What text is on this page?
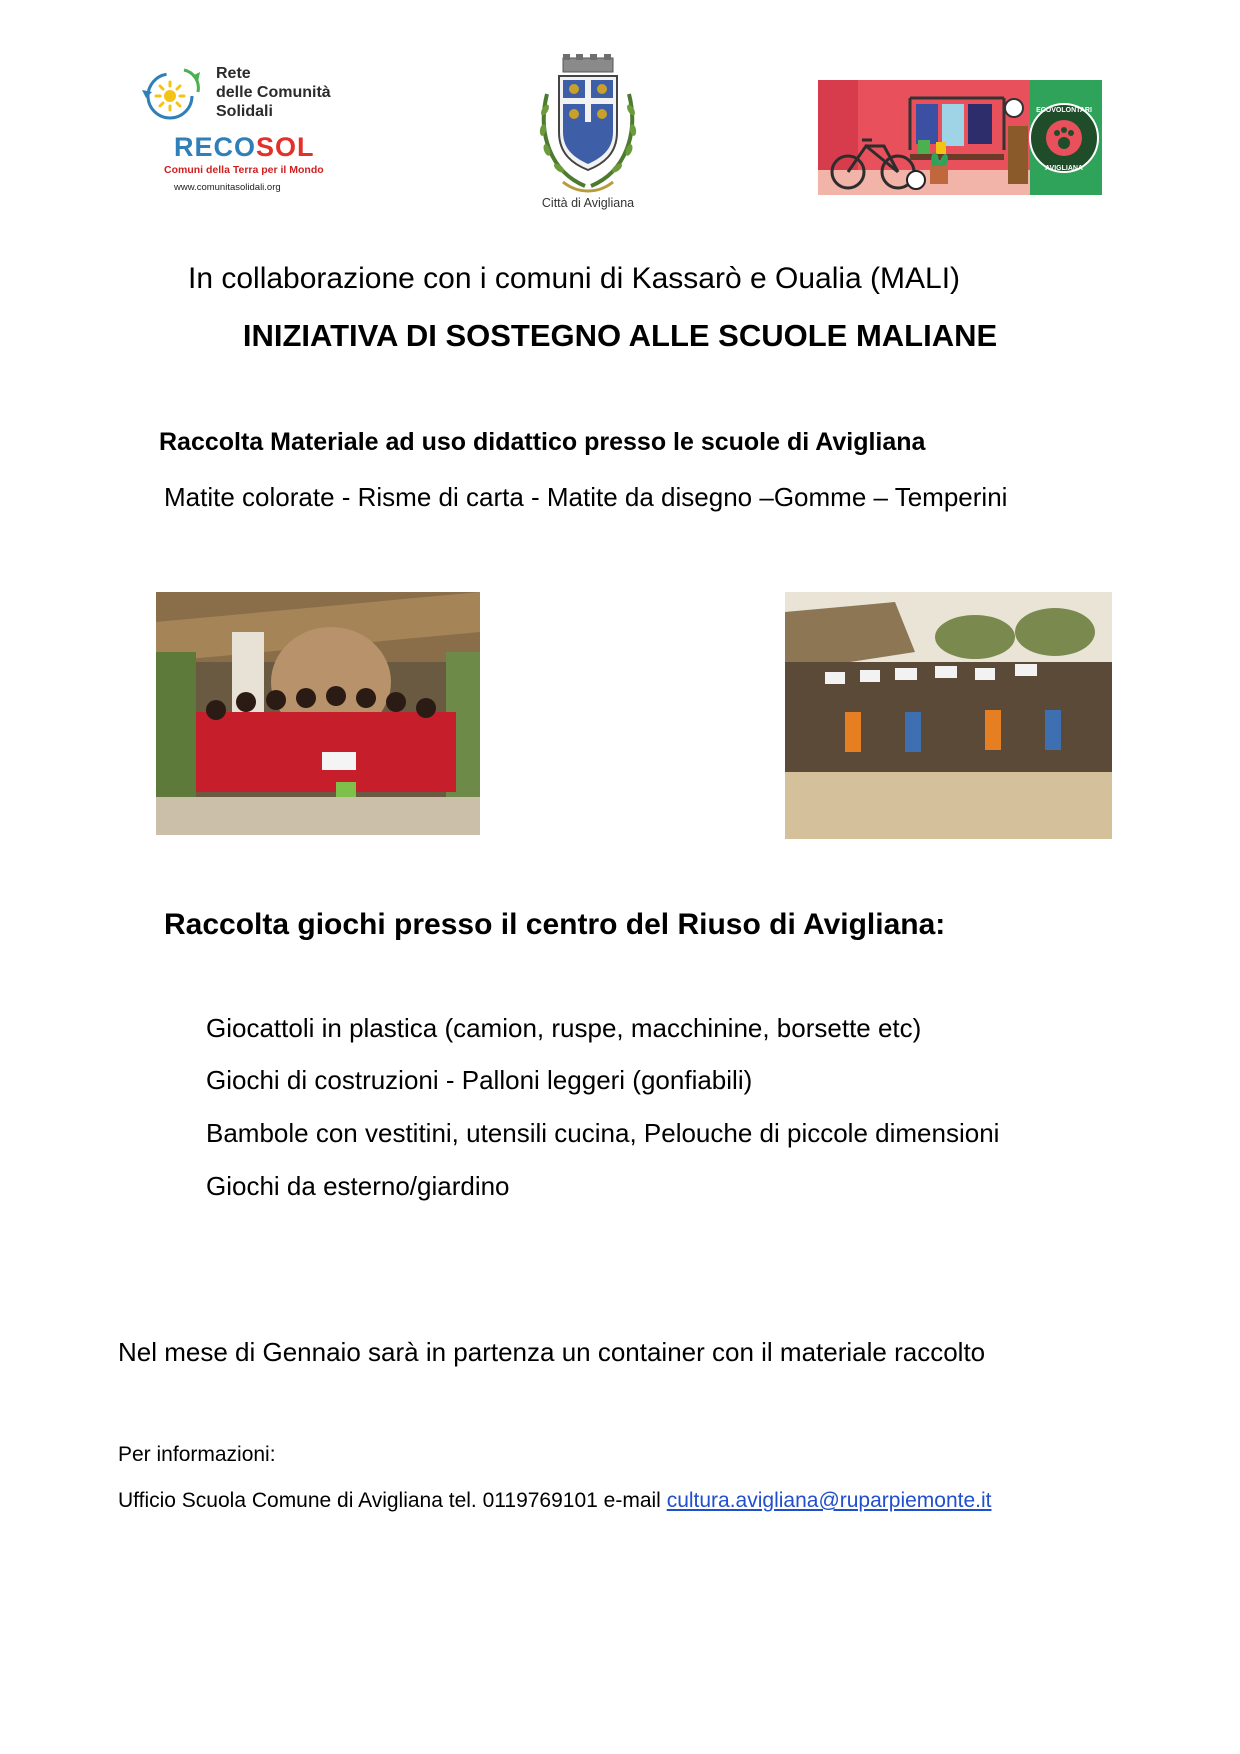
Rete
delle Comunità
Solidali
RECOSOL
Comuni della Terra per il Mondo
www.comunitasolidali.org
Città di Avigliana
ECOVOLONTARI
AVIGLIANA
In collaborazione con i comuni di Kassarò e Oualia (MALI)
INIZIATIVA DI SOSTEGNO ALLE SCUOLE MALIANE
Raccolta Materiale ad uso didattico presso le scuole di Avigliana
Matite colorate - Risme di carta - Matite da disegno –Gomme – Temperini
Raccolta giochi presso il centro del Riuso di Avigliana:
Giocattoli in plastica (camion, ruspe, macchinine, borsette etc)
Giochi di costruzioni - Palloni leggeri (gonfiabili)
Bambole con vestitini, utensili cucina, Pelouche di piccole dimensioni
Giochi da esterno/giardino
Nel mese di Gennaio sarà in partenza un container con il materiale raccolto
Per informazioni:
Ufficio Scuola Comune di Avigliana tel. 0119769101 e-mail cultura.avigliana@ruparpiemonte.it
